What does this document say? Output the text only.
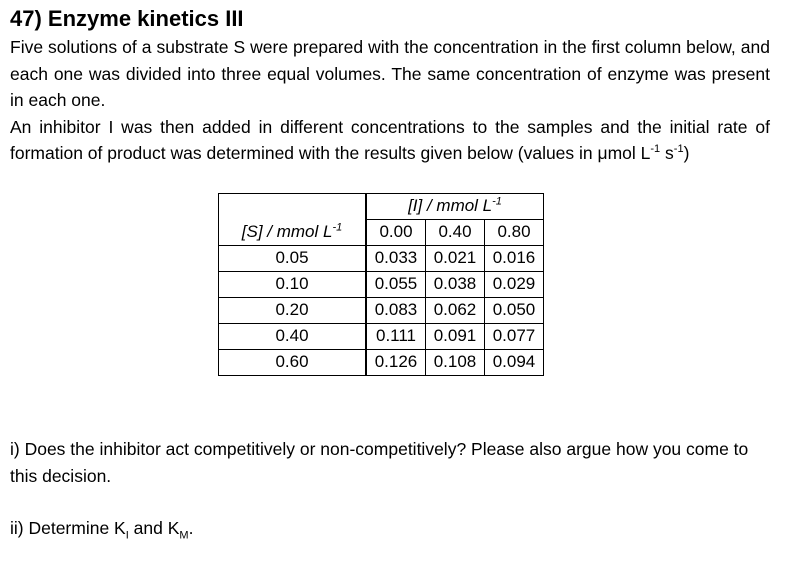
47) Enzyme kinetics III

Five solutions of a substrate S were prepared with the concentration in the first column below, and each one was divided into three equal volumes. The same concentration of enzyme was present in each one.

An inhibitor I was then added in different concentrations to the samples and the initial rate of formation of product was determined with the results given below (values in μmol $L^{-1}$ $s^{-1}$)

	[I] / mmol $L^{-1}$
[S] / mmol $L^{-1}$	0.00	0.40	0.80
0.05	0.033	0.021	0.016
0.10	0.055	0.038	0.029
0.20	0.083	0.062	0.050
0.40	0.111	0.091	0.077
0.60	0.126	0.108	0.094

i) Does the inhibitor act competitively or non-competitively? Please also argue how you come to this decision.

ii) Determine $K_I$ and $K_M$.
